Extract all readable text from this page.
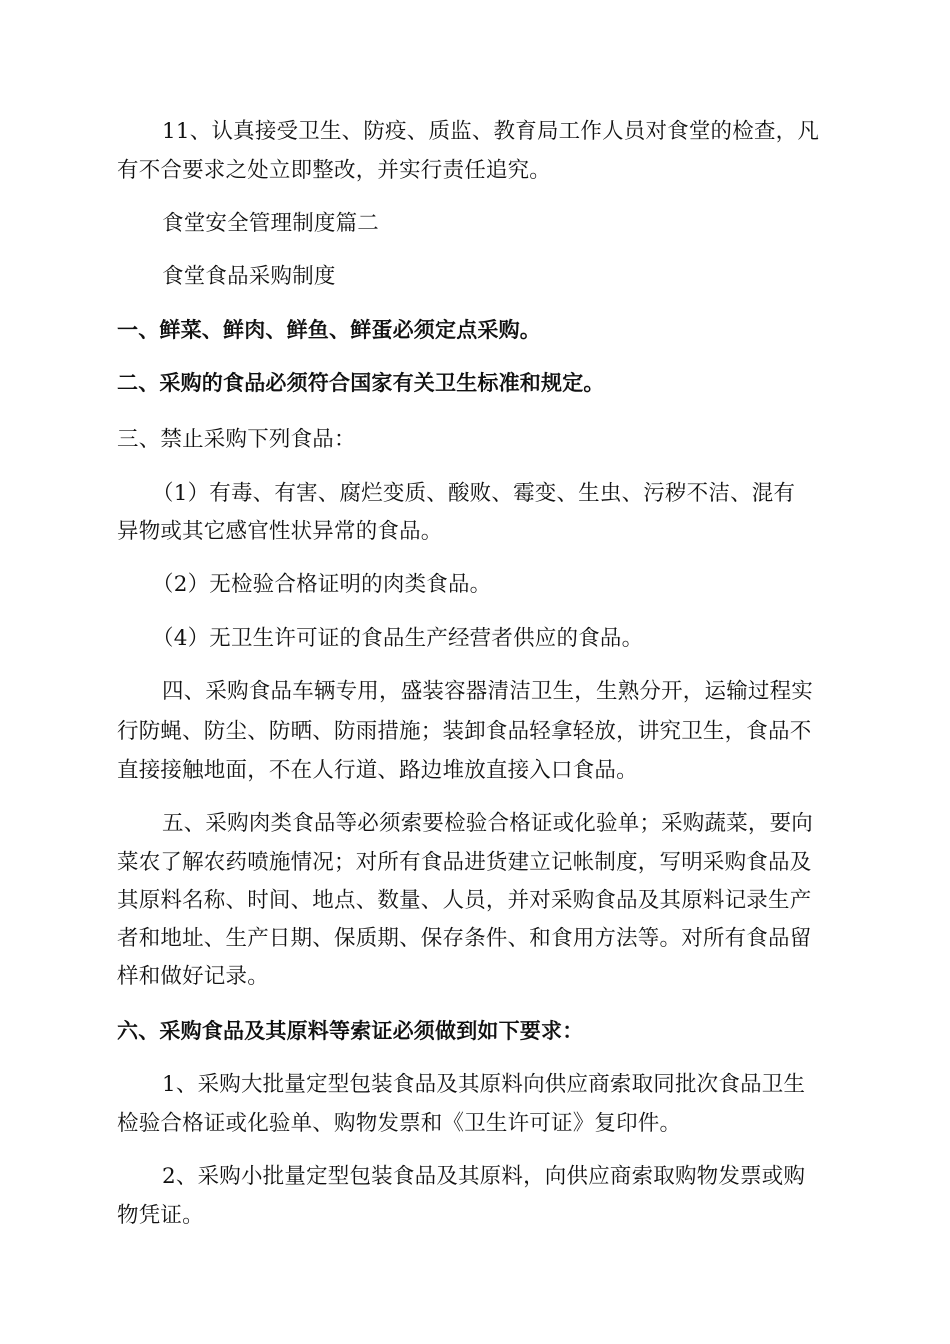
11、认真接受卫生、防疫、质监、教育局工作人员对食堂的检查，凡
有不合要求之处立即整改，并实行责任追究。
食堂安全管理制度篇二
食堂食品采购制度
一、鲜菜、鲜肉、鲜鱼、鲜蛋必须定点采购。
二、采购的食品必须符合国家有关卫生标准和规定。
三、禁止采购下列食品：
（1）有毒、有害、腐烂变质、酸败、霉变、生虫、污秽不洁、混有
异物或其它感官性状异常的食品。
（2）无检验合格证明的肉类食品。
（4）无卫生许可证的食品生产经营者供应的食品。
四、采购食品车辆专用，盛装容器清洁卫生，生熟分开，运输过程实
行防蝇、防尘、防晒、防雨措施；装卸食品轻拿轻放，讲究卫生，食品不
直接接触地面，不在人行道、路边堆放直接入口食品。
五、采购肉类食品等必须索要检验合格证或化验单；采购蔬菜，要向
菜农了解农药喷施情况；对所有食品进货建立记帐制度，写明采购食品及
其原料名称、时间、地点、数量、人员，并对采购食品及其原料记录生产
者和地址、生产日期、保质期、保存条件、和食用方法等。对所有食品留
样和做好记录。
六、采购食品及其原料等索证必须做到如下要求：
1、采购大批量定型包装食品及其原料向供应商索取同批次食品卫生
检验合格证或化验单、购物发票和《卫生许可证》复印件。
2、采购小批量定型包装食品及其原料，向供应商索取购物发票或购
物凭证。
